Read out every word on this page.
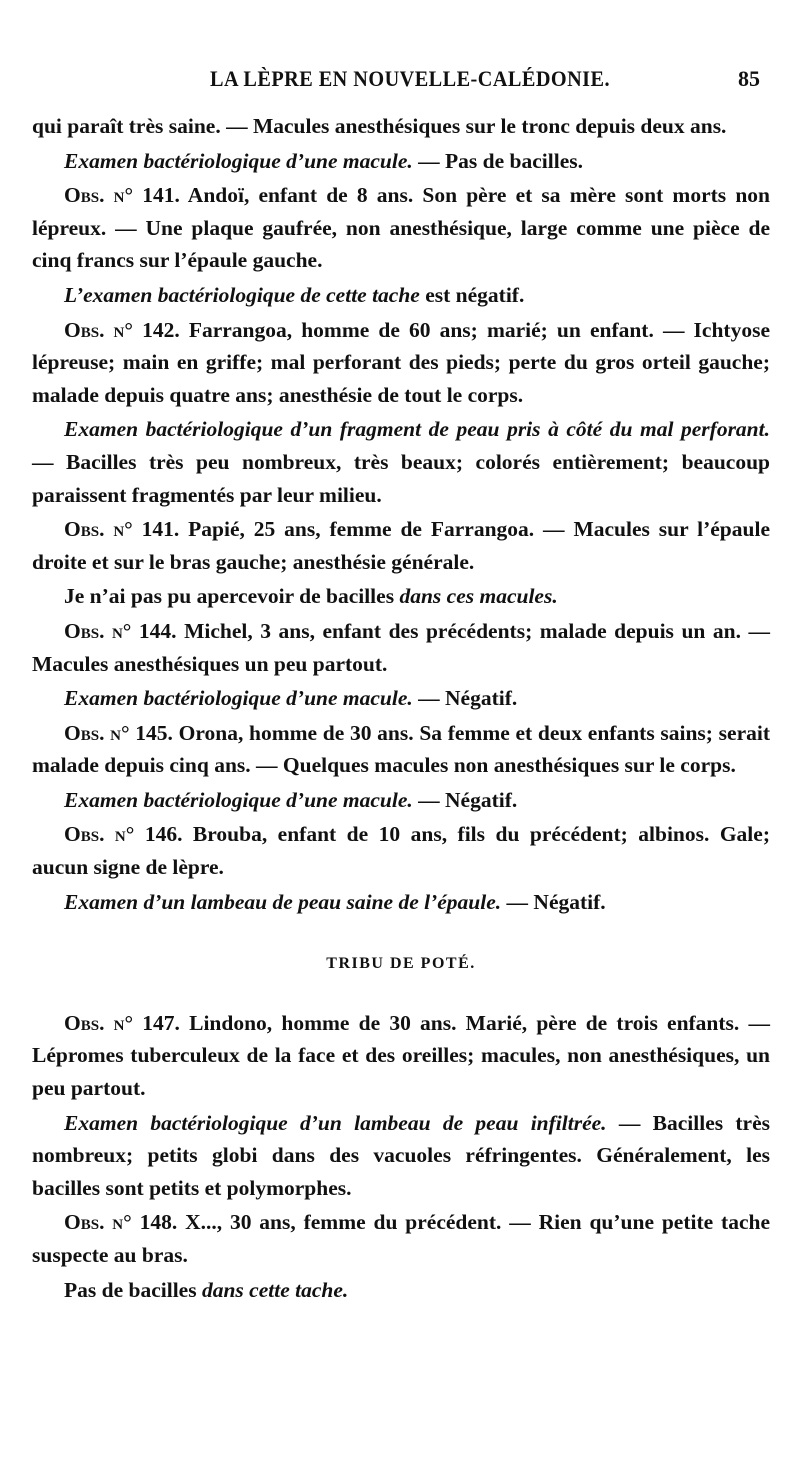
LA LÈPRE EN NOUVELLE-CALÉDONIE.	85

qui paraît très saine. — Macules anesthésiques sur le tronc depuis deux ans.

Examen bactériologique d’une macule. — Pas de bacilles.

Obs. n° 141. Andoï, enfant de 8 ans. Son père et sa mère sont morts non lépreux. — Une plaque gaufrée, non anesthésique, large comme une pièce de cinq francs sur l’épaule gauche.

L’examen bactériologique de cette tache est négatif.

Obs. n° 142. Farrangoa, homme de 60 ans; marié; un enfant. — Ichtyose lépreuse; main en griffe; mal perforant des pieds; perte du gros orteil gauche; malade depuis quatre ans; anesthésie de tout le corps.

Examen bactériologique d’un fragment de peau pris à côté du mal perforant. — Bacilles très peu nombreux, très beaux; colorés entièrement; beaucoup paraissent fragmentés par leur milieu.

Obs. n° 141. Papié, 25 ans, femme de Farrangoa. — Macules sur l’épaule droite et sur le bras gauche; anesthésie générale.

Je n’ai pas pu apercevoir de bacilles dans ces macules.

Obs. n° 144. Michel, 3 ans, enfant des précédents; malade depuis un an. — Macules anesthésiques un peu partout.

Examen bactériologique d’une macule. — Négatif.

Obs. n° 145. Orona, homme de 30 ans. Sa femme et deux enfants sains; serait malade depuis cinq ans. — Quelques macules non anesthésiques sur le corps.

Examen bactériologique d’une macule. — Négatif.

Obs. n° 146. Brouba, enfant de 10 ans, fils du précédent; albinos. Gale; aucun signe de lèpre.

Examen d’un lambeau de peau saine de l’épaule. — Négatif.

TRIBU DE POTÉ.

Obs. n° 147. Lindono, homme de 30 ans. Marié, père de trois enfants. — Lépromes tuberculeux de la face et des oreilles; macules, non anesthésiques, un peu partout.

Examen bactériologique d’un lambeau de peau infiltrée. — Bacilles très nombreux; petits globi dans des vacuoles réfringentes. Généralement, les bacilles sont petits et polymorphes.

Obs. n° 148. X..., 30 ans, femme du précédent. — Rien qu’une petite tache suspecte au bras.

Pas de bacilles dans cette tache.
